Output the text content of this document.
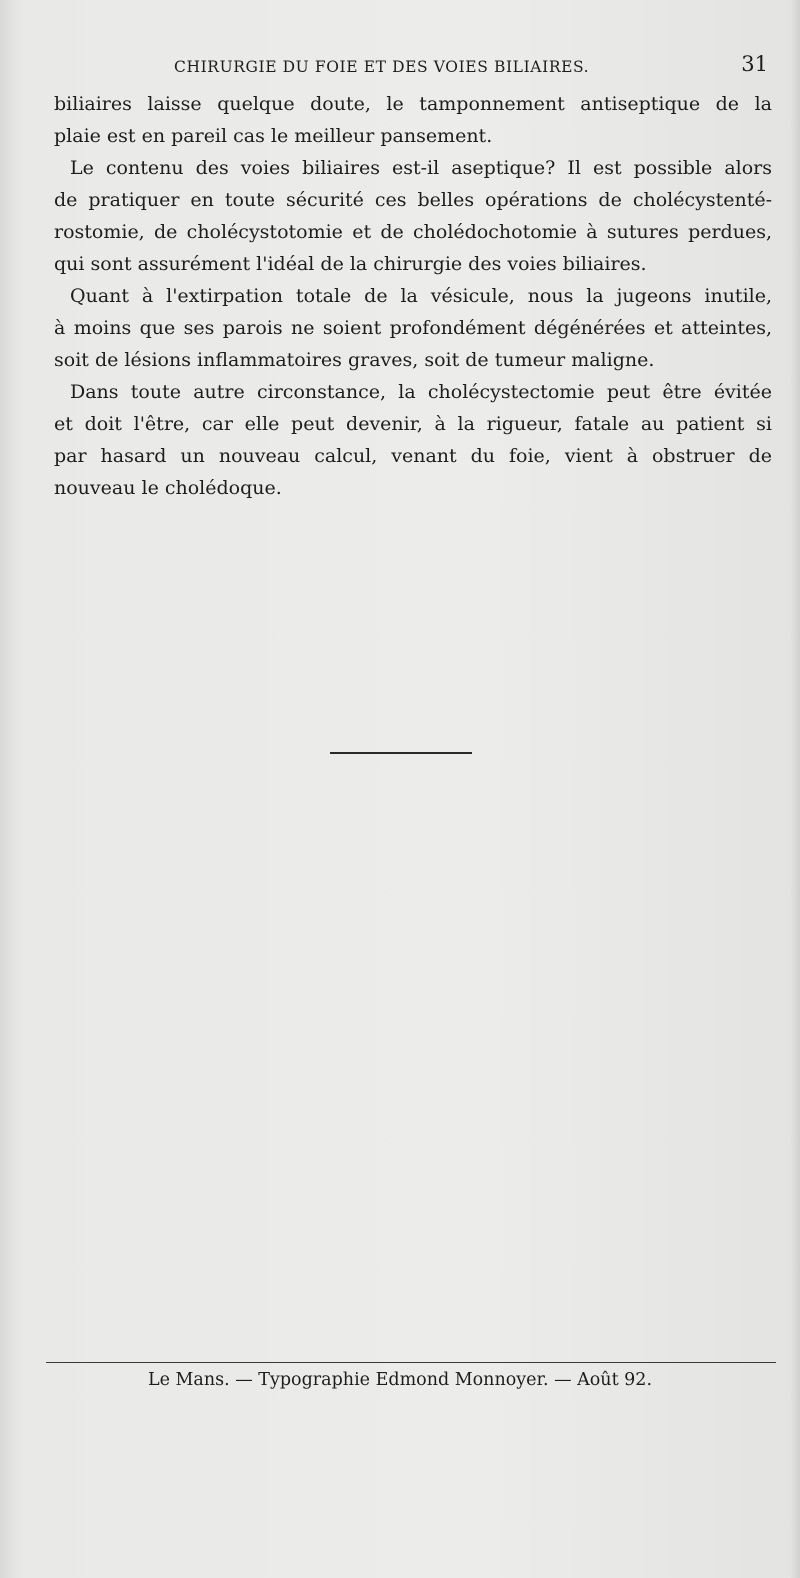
CHIRURGIE DU FOIE ET DES VOIES BILIAIRES.	31
biliaires laisse quelque doute, le tamponnement antiseptique de la
plaie est en pareil cas le meilleur pansement.
Le contenu des voies biliaires est-il aseptique? Il est possible alors
de pratiquer en toute sécurité ces belles opérations de cholécystenté-
rostomie, de cholécystotomie et de cholédochotomie à sutures perdues,
qui sont assurément l'idéal de la chirurgie des voies biliaires.
Quant à l'extirpation totale de la vésicule, nous la jugeons inutile,
à moins que ses parois ne soient profondément dégénérées et atteintes,
soit de lésions inflammatoires graves, soit de tumeur maligne.
Dans toute autre circonstance, la cholécystectomie peut être évitée
et doit l'être, car elle peut devenir, à la rigueur, fatale au patient si
par hasard un nouveau calcul, venant du foie, vient à obstruer de
nouveau le cholédoque.
Le Mans. — Typographie Edmond Monnoyer. — Août 92.
